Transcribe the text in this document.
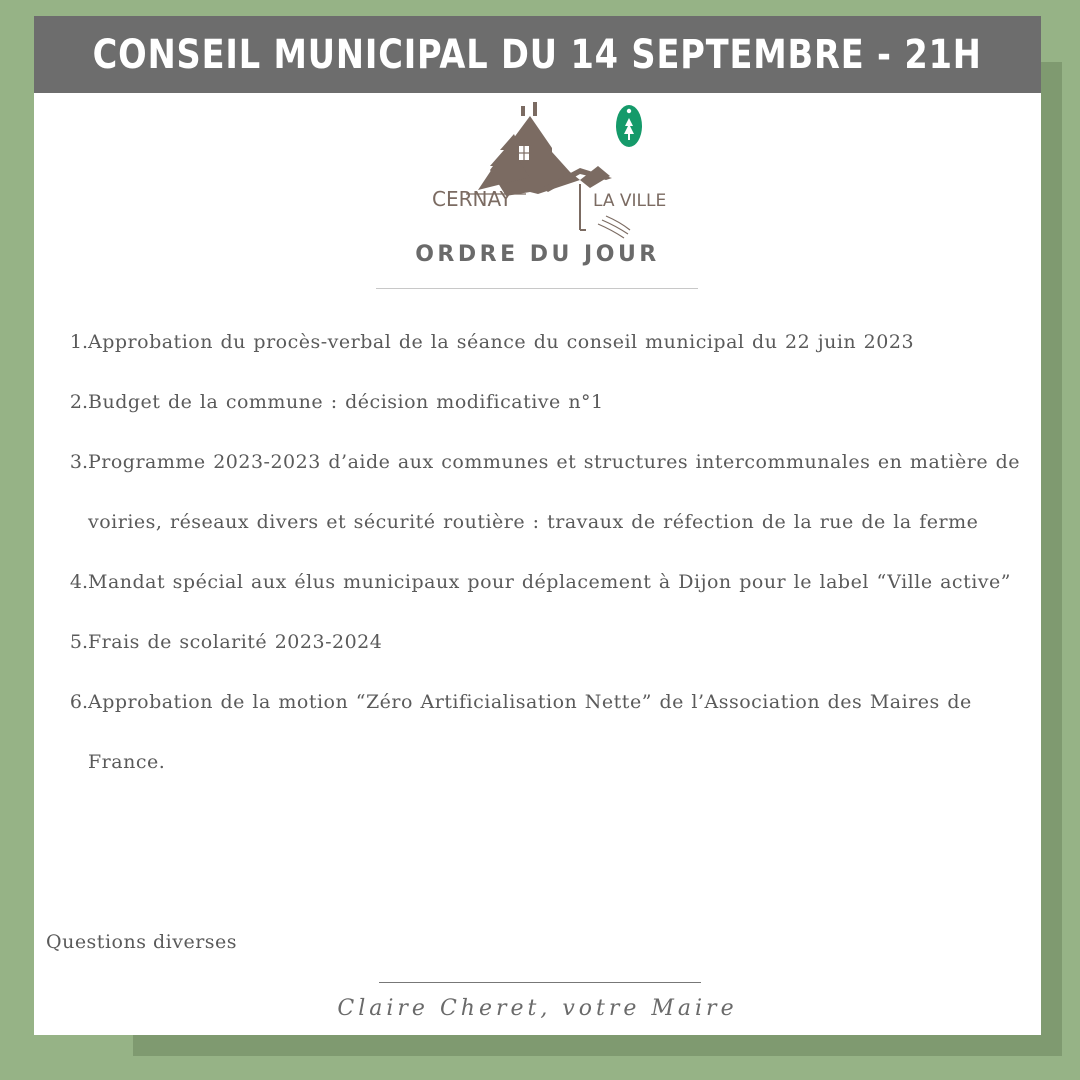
CONSEIL MUNICIPAL DU 14 SEPTEMBRE - 21H
CERNAY	LA VILLE
ORDRE DU JOUR
1. Approbation du procès-verbal de la séance du conseil municipal du 22 juin 2023
2. Budget de la commune : décision modificative n°1
3. Programme 2023-2023 d’aide aux communes et structures intercommunales en matière de voiries, réseaux divers et sécurité routière : travaux de réfection de la rue de la ferme
4. Mandat spécial aux élus municipaux pour déplacement à Dijon pour le label “Ville active”
5. Frais de scolarité 2023-2024
6. Approbation de la motion “Zéro Artificialisation Nette” de l’Association des Maires de France.
Questions diverses
Claire Cheret, votre Maire
